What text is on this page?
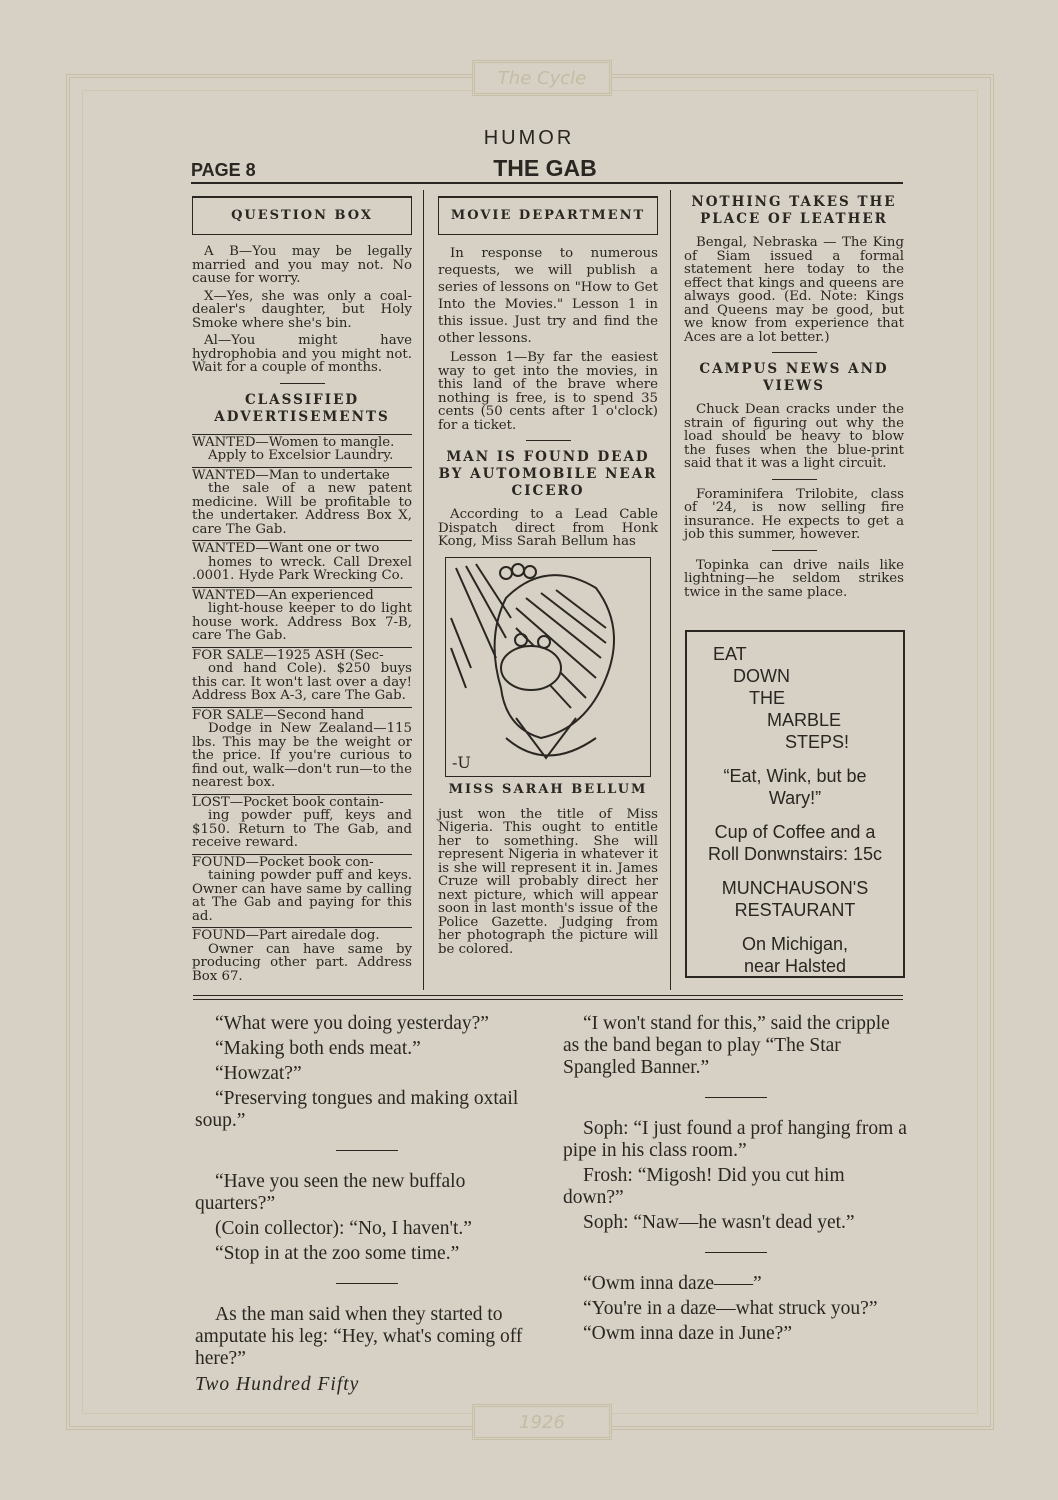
The Cycle
1926
HUMOR
PAGE 8	THE GAB
QUESTION BOX

A B—You may be legally married and you may not. No cause for worry.

X—Yes, she was only a coal-dealer's daughter, but Holy Smoke where she's bin.

Al—You might have hydrophobia and you might not. Wait for a couple of months.

CLASSIFIED ADVERTISEMENTS
WANTED—Women to mangle.
Apply to Excelsior Laundry.
WANTED—Man to undertake
the sale of a new patent medicine. Will be profitable to the undertaker. Address Box X, care The Gab.
WANTED—Want one or two
homes to wreck. Call Drexel .0001. Hyde Park Wrecking Co.
WANTED—An experienced
light-house keeper to do light house work. Address Box 7-B, care The Gab.
FOR SALE—1925 ASH (Sec-
ond hand Cole). $250 buys this car. It won't last over a day! Address Box A-3, care The Gab.
FOR SALE—Second hand
Dodge in New Zealand—115 lbs. This may be the weight or the price. If you're curious to find out, walk—don't run—to the nearest box.
LOST—Pocket book contain-
ing powder puff, keys and $150. Return to The Gab, and receive reward.
FOUND—Pocket book con-
taining powder puff and keys. Owner can have same by calling at The Gab and paying for this ad.
FOUND—Part airedale dog.
Owner can have same by producing other part. Address Box 67.
MOVIE DEPARTMENT

In response to numerous requests, we will publish a series of lessons on "How to Get Into the Movies." Lesson 1 in this issue. Just try and find the other lessons.

Lesson 1—By far the easiest way to get into the movies, in this land of the brave where nothing is free, is to spend 35 cents (50 cents after 1 o'clock) for a ticket.

MAN IS FOUND DEAD BY AUTOMOBILE NEAR CICERO

According to a Lead Cable Dispatch direct from Honk Kong, Miss Sarah Bellum has

-U
MISS SARAH BELLUM

just won the title of Miss Nigeria. This ought to entitle her to something. She will represent Nigeria in whatever it is she will represent it in. James Cruze will probably direct her next picture, which will appear soon in last month's issue of the Police Gazette. Judging from her photograph the picture will be colored.

NOTHING TAKES THE PLACE OF LEATHER

Bengal, Nebraska — The King of Siam issued a formal statement here today to the effect that kings and queens are always good. (Ed. Note: Kings and Queens may be good, but we know from experience that Aces are a lot better.)

CAMPUS NEWS AND VIEWS

Chuck Dean cracks under the strain of figuring out why the load should be heavy to blow the fuses when the blue-print said that it was a light circuit.

Foraminifera Trilobite, class of '24, is now selling fire insurance. He expects to get a job this summer, however.

Topinka can drive nails like lightning—he seldom strikes twice in the same place.

EAT
DOWN
THE
MARBLE
STEPS!
“Eat, Wink, but be
Wary!”
Cup of Coffee and a
Roll Donwnstairs: 15c
MUNCHAUSON'S
RESTAURANT
On Michigan,
near Halsted

“What were you doing yesterday?”

“Making both ends meat.”

“Howzat?”

“Preserving tongues and making oxtail soup.”

“Have you seen the new buffalo quarters?”

(Coin collector): “No, I haven't.”

“Stop in at the zoo some time.”

As the man said when they started to amputate his leg: “Hey, what's coming off here?”

Two Hundred Fifty

“I won't stand for this,” said the cripple as the band began to play “The Star Spangled Banner.”

Soph: “I just found a prof hanging from a pipe in his class room.”

Frosh: “Migosh! Did you cut him down?”

Soph: “Naw—he wasn't dead yet.”

“Owm inna daze——”

“You're in a daze—what struck you?”

“Owm inna daze in June?”
